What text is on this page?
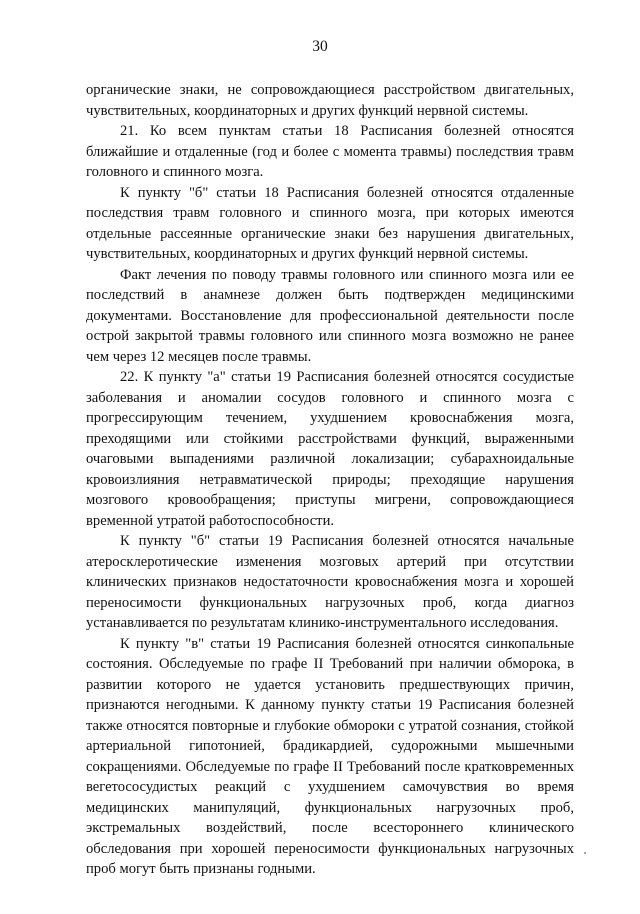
30

органические знаки, не сопровождающиеся расстройством двигательных, чувствительных, координаторных и других функций нервной системы.

21. Ко всем пунктам статьи 18 Расписания болезней относятся ближайшие и отдаленные (год и более с момента травмы) последствия травм головного и спинного мозга.

К пункту "б" статьи 18 Расписания болезней относятся отдаленные последствия травм головного и спинного мозга, при которых имеются отдельные рассеянные органические знаки без нарушения двигательных, чувствительных, координаторных и других функций нервной системы.

Факт лечения по поводу травмы головного или спинного мозга или ее последствий в анамнезе должен быть подтвержден медицинскими документами. Восстановление для профессиональной деятельности после острой закрытой травмы головного или спинного мозга возможно не ранее чем через 12 месяцев после травмы.

22. К пункту "а" статьи 19 Расписания болезней относятся сосудистые заболевания и аномалии сосудов головного и спинного мозга с прогрессирующим течением, ухудшением кровоснабжения мозга, преходящими или стойкими расстройствами функций, выраженными очаговыми выпадениями различной локализации; субарахноидальные кровоизлияния нетравматической природы; преходящие нарушения мозгового кровообращения; приступы мигрени, сопровождающиеся временной утратой работоспособности.

К пункту "б" статьи 19 Расписания болезней относятся начальные атеросклеротические изменения мозговых артерий при отсутствии клинических признаков недостаточности кровоснабжения мозга и хорошей переносимости функциональных нагрузочных проб, когда диагноз устанавливается по результатам клинико-инструментального исследования.

К пункту "в" статьи 19 Расписания болезней относятся синкопальные состояния. Обследуемые по графе II Требований при наличии обморока, в развитии которого не удается установить предшествующих причин, признаются негодными. К данному пункту статьи 19 Расписания болезней также относятся повторные и глубокие обмороки с утратой сознания, стойкой артериальной гипотонией, брадикардией, судорожными мышечными сокращениями. Обследуемые по графе II Требований после кратковременных вегетососудистых реакций с ухудшением самочувствия во время медицинских манипуляций, функциональных нагрузочных проб, экстремальных воздействий, после всестороннего клинического обследования при хорошей переносимости функциональных нагрузочных проб могут быть признаны годными.
